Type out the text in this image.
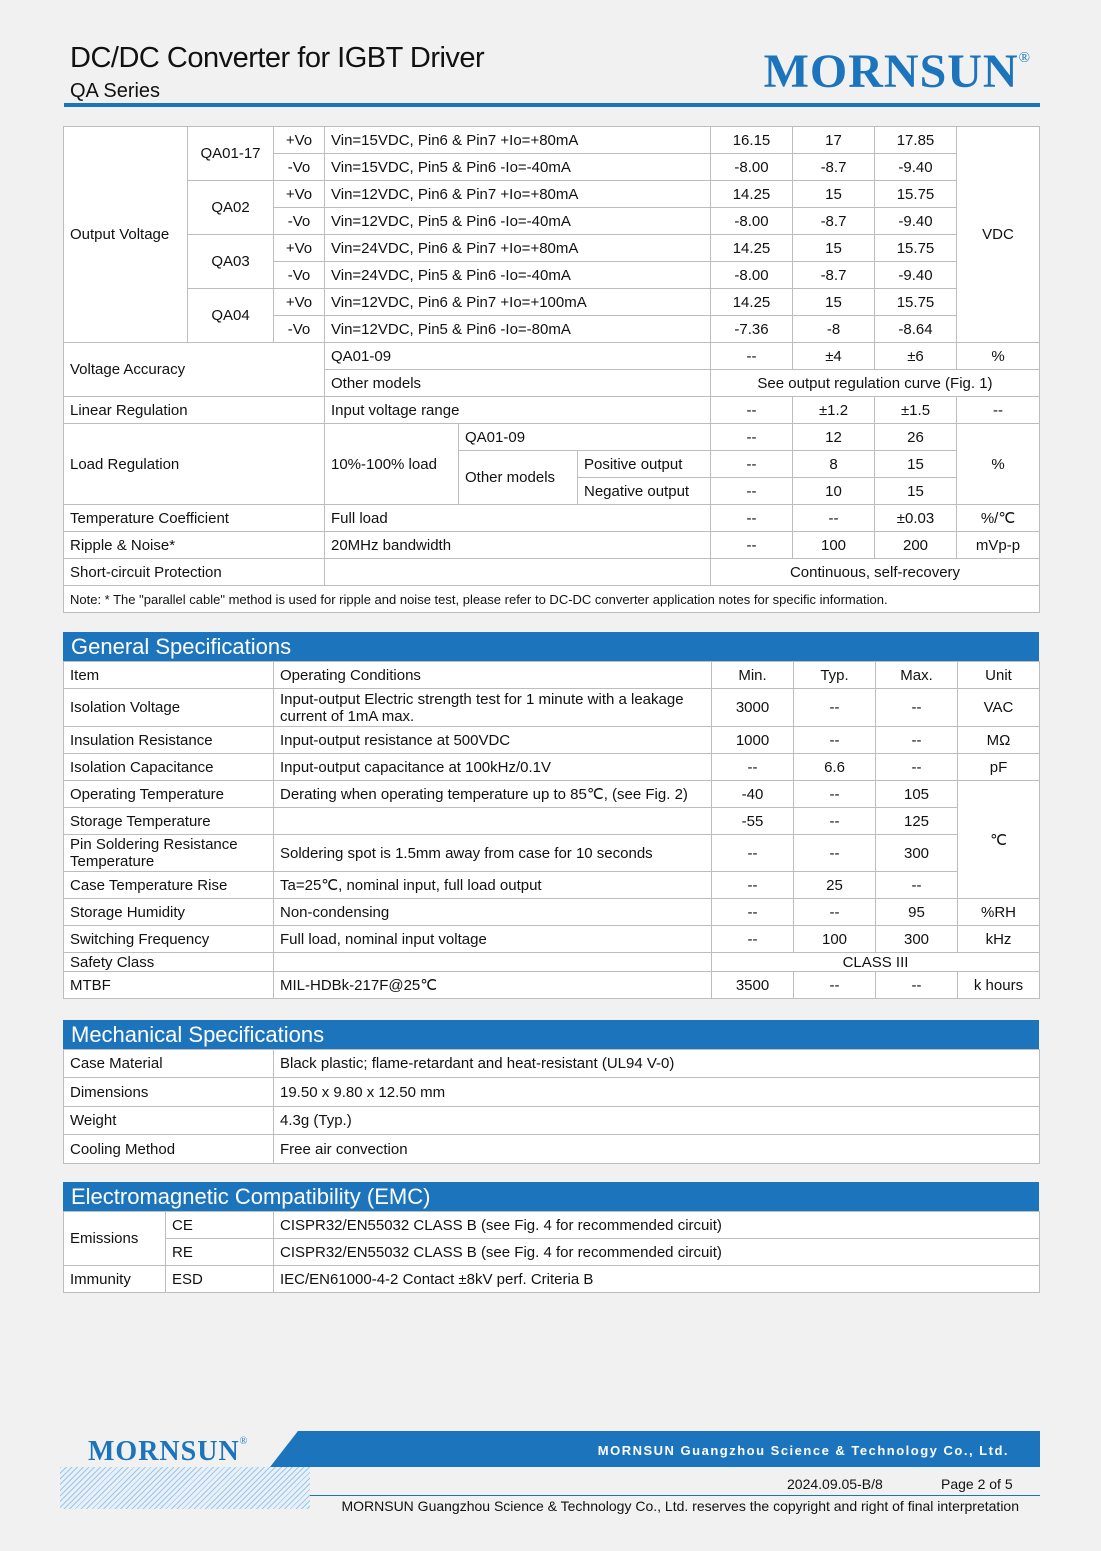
DC/DC Converter for IGBT Driver
QA Series	MORNSUN®
Output Voltage	QA01-17	+Vo	Vin=15VDC, Pin6 & Pin7 +Io=+80mA			16.15	17	17.85	VDC
		-Vo	Vin=15VDC, Pin5 & Pin6 -Io=-40mA			-8.00	-8.7	-9.40	
	QA02	+Vo	Vin=12VDC, Pin6 & Pin7 +Io=+80mA			14.25	15	15.75	
		-Vo	Vin=12VDC, Pin5 & Pin6 -Io=-40mA			-8.00	-8.7	-9.40	
	QA03	+Vo	Vin=24VDC, Pin6 & Pin7 +Io=+80mA			14.25	15	15.75	
		-Vo	Vin=24VDC, Pin5 & Pin6 -Io=-40mA			-8.00	-8.7	-9.40	
	QA04	+Vo	Vin=12VDC, Pin6 & Pin7 +Io=+100mA			14.25	15	15.75	
		-Vo	Vin=12VDC, Pin5 & Pin6 -Io=-80mA			-7.36	-8	-8.64	
Voltage Accuracy			QA01-09			--	±4	±6	%
			Other models			See output regulation curve (Fig. 1)			
Linear Regulation			Input voltage range			--	±1.2	±1.5	--
Load Regulation			10%-100% load	QA01-09		--	12	26	%
				Other models	Positive output	--	8	15	
					Negative output	--	10	15	
Temperature Coefficient			Full load			--	--	±0.03	%/℃
Ripple & Noise*			20MHz bandwidth			--	100	200	mVp-p
Short-circuit Protection						Continuous, self-recovery			
Note: * The "parallel cable" method is used for ripple and noise test, please refer to DC-DC converter application notes for specific information.									
General Specifications
Item	Operating Conditions	Min.	Typ.	Max.	Unit
Isolation Voltage	Input-output Electric strength test for 1 minute with a leakage current of 1mA max.	3000	--	--	VAC
Insulation Resistance	Input-output resistance at 500VDC	1000	--	--	MΩ
Isolation Capacitance	Input-output capacitance at 100kHz/0.1V	--	6.6	--	pF
Operating Temperature	Derating when operating temperature up to 85℃, (see Fig. 2)	-40	--	105	℃
Storage Temperature		-55	--	125	
Pin Soldering Resistance Temperature	Soldering spot is 1.5mm away from case for 10 seconds	--	--	300	
Case Temperature Rise	Ta=25℃, nominal input, full load output	--	25	--	
Storage Humidity	Non-condensing	--	--	95	%RH
Switching Frequency	Full load, nominal input voltage	--	100	300	kHz
Safety Class		CLASS III			
MTBF	MIL-HDBk-217F@25℃	3500	--	--	k hours
Mechanical Specifications
Case Material	Black plastic; flame-retardant and heat-resistant (UL94 V-0)
Dimensions	19.50 x 9.80 x 12.50 mm
Weight	4.3g (Typ.)
Cooling Method	Free air convection
Electromagnetic Compatibility (EMC)
Emissions	CE	CISPR32/EN55032 CLASS B (see Fig. 4 for recommended circuit)
	RE	CISPR32/EN55032 CLASS B (see Fig. 4 for recommended circuit)
Immunity	ESD	IEC/EN61000-4-2 Contact ±8kV perf. Criteria B
MORNSUN®
MORNSUN Guangzhou Science & Technology Co., Ltd.
2024.09.05-B/8	Page 2 of 5
MORNSUN Guangzhou Science & Technology Co., Ltd. reserves the copyright and right of final interpretation
